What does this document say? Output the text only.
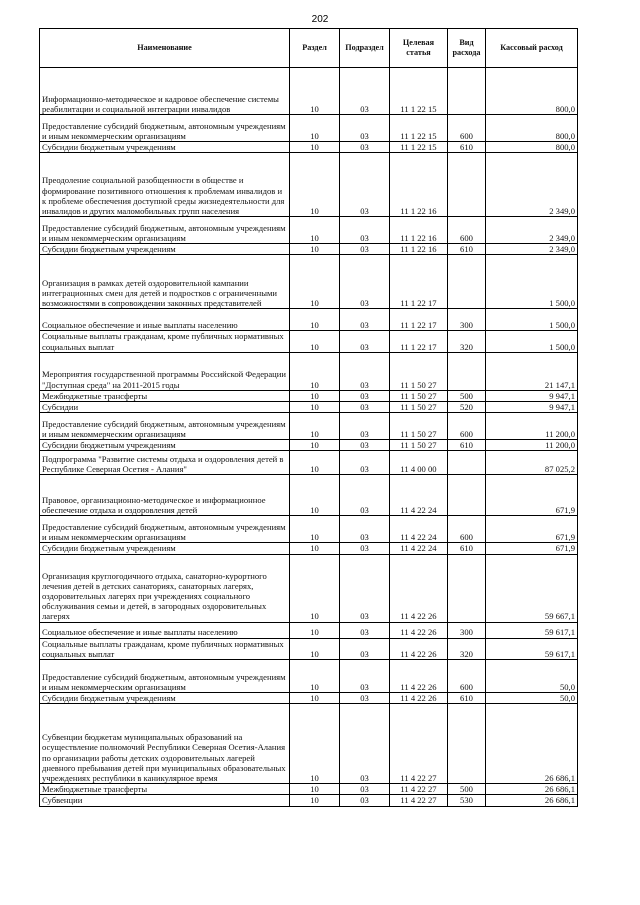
202
Наименование	Раздел	Подраздел	Целевая статья	Вид расхода	Кассовый расход
Информационно-методическое и кадровое обеспечение системы реабилитации и социальной интеграции инвалидов	10	03	11 1 22 15		800,0
Предоставление субсидий бюджетным, автономным учреждениям и иным некоммерческим организациям	10	03	11 1 22 15	600	800,0
Субсидии бюджетным учреждениям	10	03	11 1 22 15	610	800,0
Преодоление социальной разобщенности в обществе и формирование позитивного отношения к проблемам инвалидов и к проблеме обеспечения доступной среды жизнедеятельности для инвалидов и других маломобильных групп населения	10	03	11 1 22 16		2 349,0
Предоставление субсидий бюджетным, автономным учреждениям и иным некоммерческим организациям	10	03	11 1 22 16	600	2 349,0
Субсидии бюджетным учреждениям	10	03	11 1 22 16	610	2 349,0
Организация в рамках детей оздоровительной кампании интеграционных смен для детей и подростков с ограниченными возможностями в сопровождении законных представителей	10	03	11 1 22 17		1 500,0
Социальное обеспечение и иные выплаты населению	10	03	11 1 22 17	300	1 500,0
Социальные выплаты гражданам, кроме публичных нормативных социальных выплат	10	03	11 1 22 17	320	1 500,0
Мероприятия государственной программы Российской Федерации "Доступная среда" на 2011-2015 годы	10	03	11 1 50 27		21 147,1
Межбюджетные трансферты	10	03	11 1 50 27	500	9 947,1
Субсидии	10	03	11 1 50 27	520	9 947,1
Предоставление субсидий бюджетным, автономным учреждениям и иным некоммерческим организациям	10	03	11 1 50 27	600	11 200,0
Субсидии бюджетным учреждениям	10	03	11 1 50 27	610	11 200,0
Подпрограмма "Развитие системы отдыха и оздоровления детей в Республике Северная Осетия - Алания"	10	03	11 4 00 00		87 025,2
Правовое, организационно-методическое и информационное обеспечение отдыха и оздоровления детей	10	03	11 4 22 24		671,9
Предоставление субсидий бюджетным, автономным учреждениям и иным некоммерческим организациям	10	03	11 4 22 24	600	671,9
Субсидии бюджетным учреждениям	10	03	11 4 22 24	610	671,9
Организация круглогодичного отдыха, санаторно-курортного лечения детей в детских санаториях, санаторных лагерях, оздоровительных лагерях при учреждениях социального обслуживания семьи и детей, в загородных оздоровительных лагерях	10	03	11 4 22 26		59 667,1
Социальное обеспечение и иные выплаты населению	10	03	11 4 22 26	300	59 617,1
Социальные выплаты гражданам, кроме публичных нормативных социальных выплат	10	03	11 4 22 26	320	59 617,1
Предоставление субсидий бюджетным, автономным учреждениям и иным некоммерческим организациям	10	03	11 4 22 26	600	50,0
Субсидии бюджетным учреждениям	10	03	11 4 22 26	610	50,0
Субвенции бюджетам муниципальных образований на осуществление полномочий Республики Северная Осетия-Алания по организации работы детских оздоровительных лагерей дневного пребывания детей при муниципальных образовательных учреждениях республики в каникулярное время	10	03	11 4 22 27		26 686,1
Межбюджетные трансферты	10	03	11 4 22 27	500	26 686,1
Субвенции	10	03	11 4 22 27	530	26 686,1
